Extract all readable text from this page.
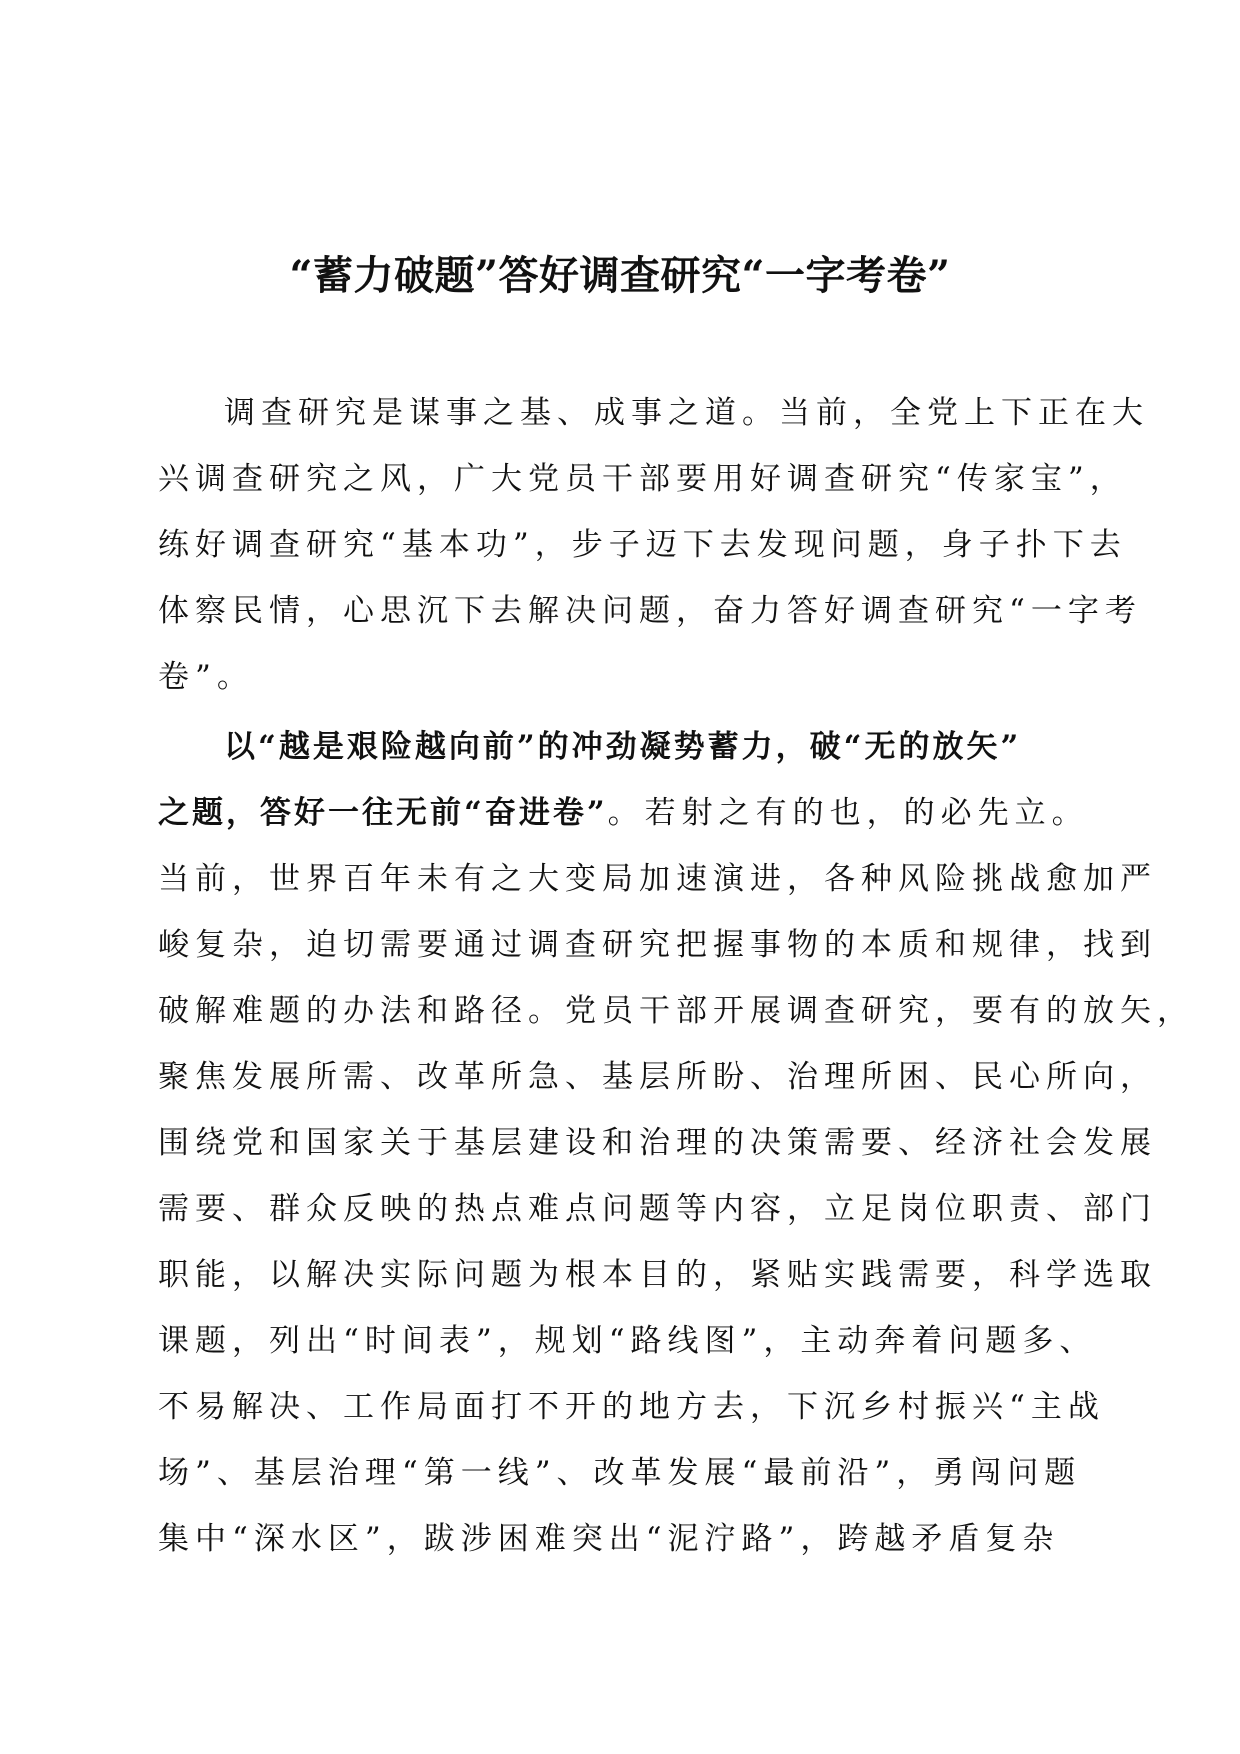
“蓄力破题”答好调查研究“一字考卷”
调查研究是谋事之基、成事之道。当前，全党上下正在大
兴调查研究之风，广大党员干部要用好调查研究“传家宝”，
练好调查研究“基本功”，步子迈下去发现问题，身子扑下去
体察民情，心思沉下去解决问题，奋力答好调查研究“一字考
卷”。
以“越是艰险越向前”的冲劲凝势蓄力，破“无的放矢”
之题，答好一往无前“奋进卷”。若射之有的也，的必先立。
当前，世界百年未有之大变局加速演进，各种风险挑战愈加严
峻复杂，迫切需要通过调查研究把握事物的本质和规律，找到
破解难题的办法和路径。党员干部开展调查研究，要有的放矢，
聚焦发展所需、改革所急、基层所盼、治理所困、民心所向，
围绕党和国家关于基层建设和治理的决策需要、经济社会发展
需要、群众反映的热点难点问题等内容，立足岗位职责、部门
职能，以解决实际问题为根本目的，紧贴实践需要，科学选取
课题，列出“时间表”，规划“路线图”，主动奔着问题多、
不易解决、工作局面打不开的地方去，下沉乡村振兴“主战
场”、基层治理“第一线”、改革发展“最前沿”，勇闯问题
集中“深水区”，跋涉困难突出“泥泞路”，跨越矛盾复杂
